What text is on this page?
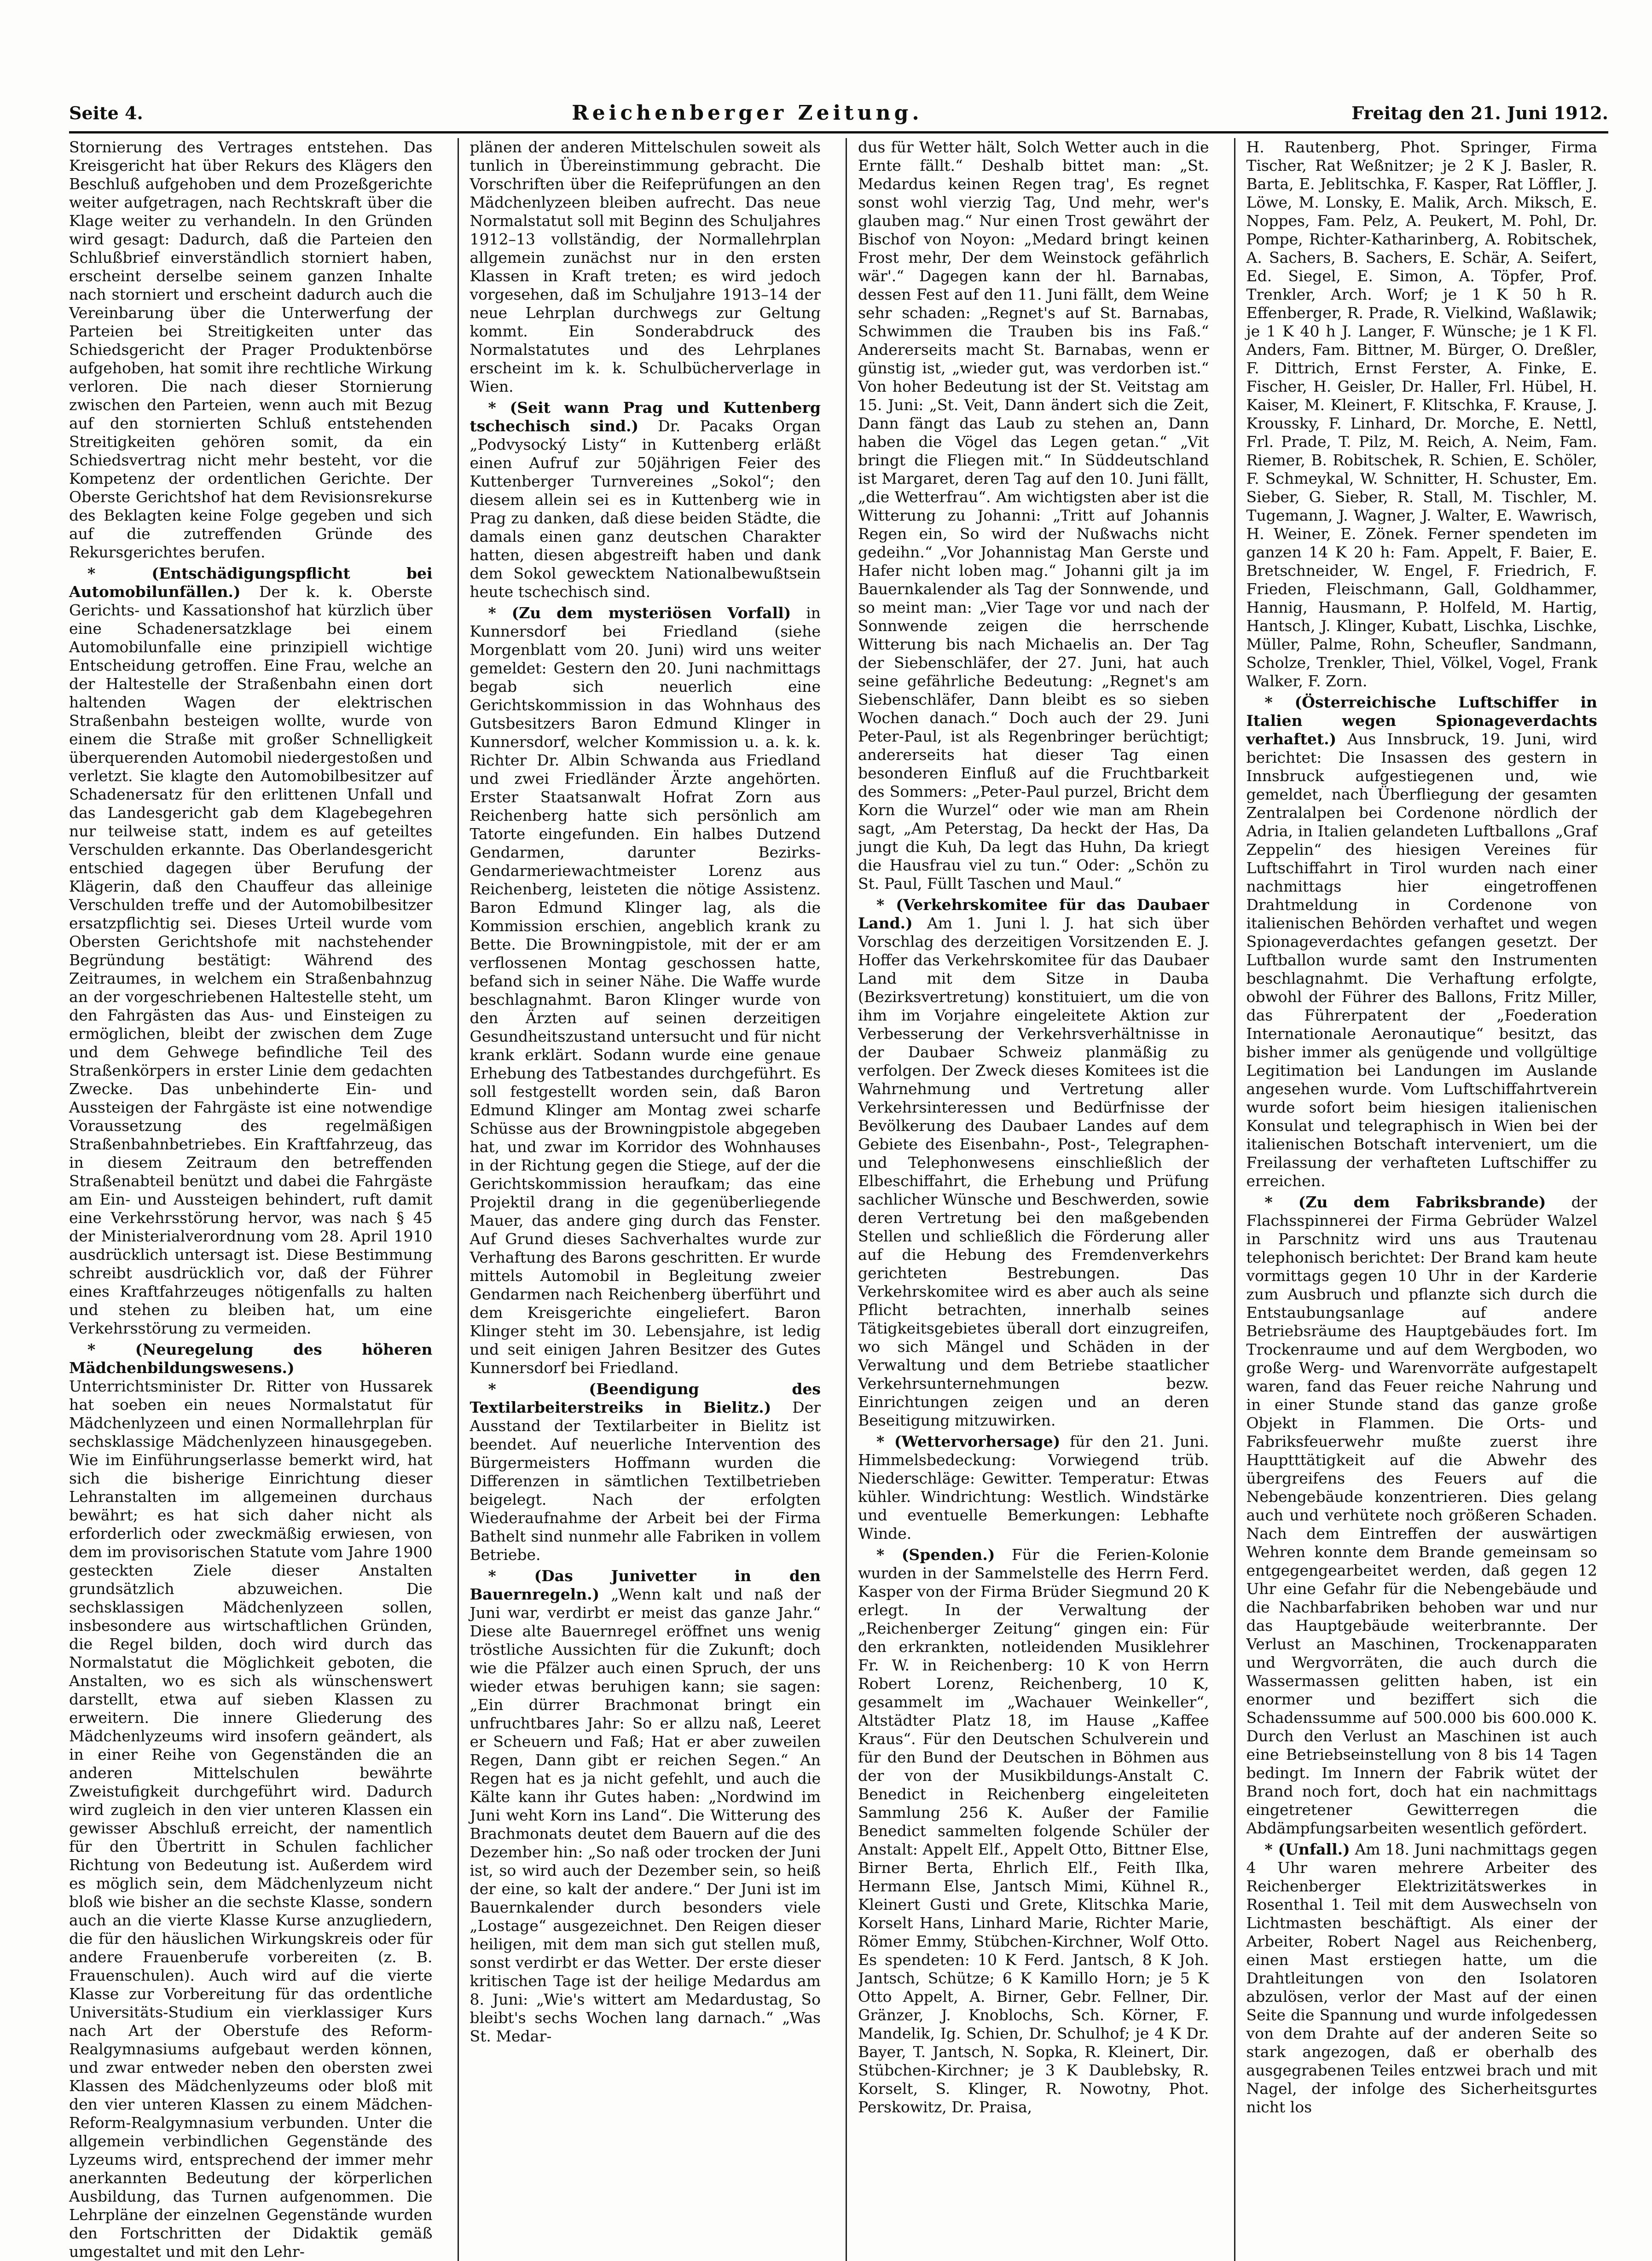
Seite 4.	Reichenberger Zeitung.	Freitag den 21. Juni 1912.

Stornierung des Vertrages entstehen. Das Kreisgericht hat über Rekurs des Klägers den Beschluß aufgehoben und dem Prozeßgerichte weiter aufgetragen, nach Rechtskraft über die Klage weiter zu verhandeln. In den Gründen wird gesagt: Dadurch, daß die Parteien den Schlußbrief einverständlich storniert haben, erscheint derselbe seinem ganzen Inhalte nach storniert und erscheint dadurch auch die Vereinbarung über die Unterwerfung der Parteien bei Streitigkeiten unter das Schiedsgericht der Prager Produktenbörse aufgehoben, hat somit ihre rechtliche Wirkung verloren. Die nach dieser Stornierung zwischen den Parteien, wenn auch mit Bezug auf den stornierten Schluß entstehenden Streitigkeiten gehören somit, da ein Schiedsvertrag nicht mehr besteht, vor die Kompetenz der ordentlichen Gerichte. Der Oberste Gerichtshof hat dem Revisionsrekurse des Beklagten keine Folge gegeben und sich auf die zutreffenden Gründe des Rekursgerichtes berufen.

* (Entschädigungspflicht bei Automobilunfällen.) Der k. k. Oberste Gerichts- und Kassationshof hat kürzlich über eine Schadenersatzklage bei einem Automobilunfalle eine prinzipiell wichtige Entscheidung getroffen. Eine Frau, welche an der Haltestelle der Straßenbahn einen dort haltenden Wagen der elektrischen Straßenbahn besteigen wollte, wurde von einem die Straße mit großer Schnelligkeit überquerenden Automobil niedergestoßen und verletzt. Sie klagte den Automobilbesitzer auf Schadenersatz für den erlittenen Unfall und das Landesgericht gab dem Klagebegehren nur teilweise statt, indem es auf geteiltes Verschulden erkannte. Das Oberlandesgericht entschied dagegen über Berufung der Klägerin, daß den Chauffeur das alleinige Verschulden treffe und der Automobilbesitzer ersatzpflichtig sei. Dieses Urteil wurde vom Obersten Gerichtshofe mit nachstehender Begründung bestätigt: Während des Zeitraumes, in welchem ein Straßenbahnzug an der vorgeschriebenen Haltestelle steht, um den Fahrgästen das Aus- und Einsteigen zu ermöglichen, bleibt der zwischen dem Zuge und dem Gehwege befindliche Teil des Straßenkörpers in erster Linie dem gedachten Zwecke. Das unbehinderte Ein- und Aussteigen der Fahrgäste ist eine notwendige Voraussetzung des regelmäßigen Straßenbahnbetriebes. Ein Kraftfahrzeug, das in diesem Zeitraum den betreffenden Straßenabteil benützt und dabei die Fahrgäste am Ein- und Aussteigen behindert, ruft damit eine Verkehrsstörung hervor, was nach § 45 der Ministerialverordnung vom 28. April 1910 ausdrücklich untersagt ist. Diese Bestimmung schreibt ausdrücklich vor, daß der Führer eines Kraftfahrzeuges nötigenfalls zu halten und stehen zu bleiben hat, um eine Verkehrsstörung zu vermeiden.

* (Neuregelung des höheren Mädchenbildungswesens.) Unterrichtsminister Dr. Ritter von Hussarek hat soeben ein neues Normalstatut für Mädchenlyzeen und einen Normallehrplan für sechsklassige Mädchenlyzeen hinausgegeben. Wie im Einführungserlasse bemerkt wird, hat sich die bisherige Einrichtung dieser Lehranstalten im allgemeinen durchaus bewährt; es hat sich daher nicht als erforderlich oder zweckmäßig erwiesen, von dem im provisorischen Statute vom Jahre 1900 gesteckten Ziele dieser Anstalten grundsätzlich abzuweichen. Die sechsklassigen Mädchenlyzeen sollen, insbesondere aus wirtschaftlichen Gründen, die Regel bilden, doch wird durch das Normalstatut die Möglichkeit geboten, die Anstalten, wo es sich als wünschenswert darstellt, etwa auf sieben Klassen zu erweitern. Die innere Gliederung des Mädchenlyzeums wird insofern geändert, als in einer Reihe von Gegenständen die an anderen Mittelschulen bewährte Zweistufigkeit durchgeführt wird. Dadurch wird zugleich in den vier unteren Klassen ein gewisser Abschluß erreicht, der namentlich für den Übertritt in Schulen fachlicher Richtung von Bedeutung ist. Außerdem wird es möglich sein, dem Mädchenlyzeum nicht bloß wie bisher an die sechste Klasse, sondern auch an die vierte Klasse Kurse anzugliedern, die für den häuslichen Wirkungskreis oder für andere Frauenberufe vorbereiten (z. B. Frauenschulen). Auch wird auf die vierte Klasse zur Vorbereitung für das ordentliche Universitäts-Studium ein vierklassiger Kurs nach Art der Oberstufe des Reform-Realgymnasiums aufgebaut werden können, und zwar entweder neben den obersten zwei Klassen des Mädchenlyzeums oder bloß mit den vier unteren Klassen zu einem Mädchen-Reform-Realgymnasium verbunden. Unter die allgemein verbindlichen Gegenstände des Lyzeums wird, entsprechend der immer mehr anerkannten Bedeutung der körperlichen Ausbildung, das Turnen aufgenommen. Die Lehrpläne der einzelnen Gegenstände wurden den Fortschritten der Didaktik gemäß umgestaltet und mit den Lehr-

plänen der anderen Mittelschulen soweit als tunlich in Übereinstimmung gebracht. Die Vorschriften über die Reifeprüfungen an den Mädchenlyzeen bleiben aufrecht. Das neue Normalstatut soll mit Beginn des Schuljahres 1912–13 vollständig, der Normallehrplan allgemein zunächst nur in den ersten Klassen in Kraft treten; es wird jedoch vorgesehen, daß im Schuljahre 1913–14 der neue Lehrplan durchwegs zur Geltung kommt. Ein Sonderabdruck des Normalstatutes und des Lehrplanes erscheint im k. k. Schulbücherverlage in Wien.

* (Seit wann Prag und Kuttenberg tschechisch sind.) Dr. Pacaks Organ „Podvysocký Listy“ in Kuttenberg erläßt einen Aufruf zur 50jährigen Feier des Kuttenberger Turnvereines „Sokol“; den diesem allein sei es in Kuttenberg wie in Prag zu danken, daß diese beiden Städte, die damals einen ganz deutschen Charakter hatten, diesen abgestreift haben und dank dem Sokol gewecktem Nationalbewußtsein heute tschechisch sind.

* (Zu dem mysteriösen Vorfall) in Kunnersdorf bei Friedland (siehe Morgenblatt vom 20. Juni) wird uns weiter gemeldet: Gestern den 20. Juni nachmittags begab sich neuerlich eine Gerichtskommission in das Wohnhaus des Gutsbesitzers Baron Edmund Klinger in Kunnersdorf, welcher Kommission u. a. k. k. Richter Dr. Albin Schwanda aus Friedland und zwei Friedländer Ärzte angehörten. Erster Staatsanwalt Hofrat Zorn aus Reichenberg hatte sich persönlich am Tatorte eingefunden. Ein halbes Dutzend Gendarmen, darunter Bezirks-Gendarmeriewachtmeister Lorenz aus Reichenberg, leisteten die nötige Assistenz. Baron Edmund Klinger lag, als die Kommission erschien, angeblich krank zu Bette. Die Browningpistole, mit der er am verflossenen Montag geschossen hatte, befand sich in seiner Nähe. Die Waffe wurde beschlagnahmt. Baron Klinger wurde von den Ärzten auf seinen derzeitigen Gesundheitszustand untersucht und für nicht krank erklärt. Sodann wurde eine genaue Erhebung des Tatbestandes durchgeführt. Es soll festgestellt worden sein, daß Baron Edmund Klinger am Montag zwei scharfe Schüsse aus der Browningpistole abgegeben hat, und zwar im Korridor des Wohnhauses in der Richtung gegen die Stiege, auf der die Gerichtskommission heraufkam; das eine Projektil drang in die gegenüberliegende Mauer, das andere ging durch das Fenster. Auf Grund dieses Sachverhaltes wurde zur Verhaftung des Barons geschritten. Er wurde mittels Automobil in Begleitung zweier Gendarmen nach Reichenberg überführt und dem Kreisgerichte eingeliefert. Baron Klinger steht im 30. Lebensjahre, ist ledig und seit einigen Jahren Besitzer des Gutes Kunnersdorf bei Friedland.

* (Beendigung des Textilarbeiterstreiks in Bielitz.) Der Ausstand der Textilarbeiter in Bielitz ist beendet. Auf neuerliche Intervention des Bürgermeisters Hoffmann wurden die Differenzen in sämtlichen Textilbetrieben beigelegt. Nach der erfolgten Wiederaufnahme der Arbeit bei der Firma Bathelt sind nunmehr alle Fabriken in vollem Betriebe.

* (Das Junivetter in den Bauernregeln.) „Wenn kalt und naß der Juni war, verdirbt er meist das ganze Jahr.“ Diese alte Bauernregel eröffnet uns wenig tröstliche Aussichten für die Zukunft; doch wie die Pfälzer auch einen Spruch, der uns wieder etwas beruhigen kann; sie sagen: „Ein dürrer Brachmonat bringt ein unfruchtbares Jahr: So er allzu naß, Leeret er Scheuern und Faß; Hat er aber zuweilen Regen, Dann gibt er reichen Segen.“ An Regen hat es ja nicht gefehlt, und auch die Kälte kann ihr Gutes haben: „Nordwind im Juni weht Korn ins Land“. Die Witterung des Brachmonats deutet dem Bauern auf die des Dezember hin: „So naß oder trocken der Juni ist, so wird auch der Dezember sein, so heiß der eine, so kalt der andere.“ Der Juni ist im Bauernkalender durch besonders viele „Lostage“ ausgezeichnet. Den Reigen dieser heiligen, mit dem man sich gut stellen muß, sonst verdirbt er das Wetter. Der erste dieser kritischen Tage ist der heilige Medardus am 8. Juni: „Wie's wittert am Medardustag, So bleibt's sechs Wochen lang darnach.“ „Was St. Medar-

dus für Wetter hält, Solch Wetter auch in die Ernte fällt.“ Deshalb bittet man: „St. Medardus keinen Regen trag', Es regnet sonst wohl vierzig Tag, Und mehr, wer's glauben mag.“ Nur einen Trost gewährt der Bischof von Noyon: „Medard bringt keinen Frost mehr, Der dem Weinstock gefährlich wär'.“ Dagegen kann der hl. Barnabas, dessen Fest auf den 11. Juni fällt, dem Weine sehr schaden: „Regnet's auf St. Barnabas, Schwimmen die Trauben bis ins Faß.“ Andererseits macht St. Barnabas, wenn er günstig ist, „wieder gut, was verdorben ist.“ Von hoher Bedeutung ist der St. Veitstag am 15. Juni: „St. Veit, Dann ändert sich die Zeit, Dann fängt das Laub zu stehen an, Dann haben die Vögel das Legen getan.“ „Vit bringt die Fliegen mit.“ In Süddeutschland ist Margaret, deren Tag auf den 10. Juni fällt, „die Wetterfrau“. Am wichtigsten aber ist die Witterung zu Johanni: „Tritt auf Johannis Regen ein, So wird der Nußwachs nicht gedeihn.“ „Vor Johannistag Man Gerste und Hafer nicht loben mag.“ Johanni gilt ja im Bauernkalender als Tag der Sonnwende, und so meint man: „Vier Tage vor und nach der Sonnwende zeigen die herrschende Witterung bis nach Michaelis an. Der Tag der Siebenschläfer, der 27. Juni, hat auch seine gefährliche Bedeutung: „Regnet's am Siebenschläfer, Dann bleibt es so sieben Wochen danach.“ Doch auch der 29. Juni Peter-Paul, ist als Regenbringer berüchtigt; andererseits hat dieser Tag einen besonderen Einfluß auf die Fruchtbarkeit des Sommers: „Peter-Paul purzel, Bricht dem Korn die Wurzel“ oder wie man am Rhein sagt, „Am Peterstag, Da heckt der Has, Da jungt die Kuh, Da legt das Huhn, Da kriegt die Hausfrau viel zu tun.“ Oder: „Schön zu St. Paul, Füllt Taschen und Maul.“

* (Verkehrskomitee für das Daubaer Land.) Am 1. Juni l. J. hat sich über Vorschlag des derzeitigen Vorsitzenden E. J. Hoffer das Verkehrskomitee für das Daubaer Land mit dem Sitze in Dauba (Bezirksvertretung) konstituiert, um die von ihm im Vorjahre eingeleitete Aktion zur Verbesserung der Verkehrsverhältnisse in der Daubaer Schweiz planmäßig zu verfolgen. Der Zweck dieses Komitees ist die Wahrnehmung und Vertretung aller Verkehrsinteressen und Bedürfnisse der Bevölkerung des Daubaer Landes auf dem Gebiete des Eisenbahn-, Post-, Telegraphen- und Telephonwesens einschließlich der Elbeschiffahrt, die Erhebung und Prüfung sachlicher Wünsche und Beschwerden, sowie deren Vertretung bei den maßgebenden Stellen und schließlich die Förderung aller auf die Hebung des Fremdenverkehrs gerichteten Bestrebungen. Das Verkehrskomitee wird es aber auch als seine Pflicht betrachten, innerhalb seines Tätigkeitsgebietes überall dort einzugreifen, wo sich Mängel und Schäden in der Verwaltung und dem Betriebe staatlicher Verkehrsunternehmungen bezw. Einrichtungen zeigen und an deren Beseitigung mitzuwirken.

* (Wettervorhersage) für den 21. Juni. Himmelsbedeckung: Vorwiegend trüb. Niederschläge: Gewitter. Temperatur: Etwas kühler. Windrichtung: Westlich. Windstärke und eventuelle Bemerkungen: Lebhafte Winde.

* (Spenden.) Für die Ferien-Kolonie wurden in der Sammelstelle des Herrn Ferd. Kasper von der Firma Brüder Siegmund 20 K erlegt. In der Verwaltung der „Reichenberger Zeitung“ gingen ein: Für den erkrankten, notleidenden Musiklehrer Fr. W. in Reichenberg: 10 K von Herrn Robert Lorenz, Reichenberg, 10 K, gesammelt im „Wachauer Weinkeller“, Altstädter Platz 18, im Hause „Kaffee Kraus“. Für den Deutschen Schulverein und für den Bund der Deutschen in Böhmen aus der von der Musikbildungs-Anstalt C. Benedict in Reichenberg eingeleiteten Sammlung 256 K. Außer der Familie Benedict sammelten folgende Schüler der Anstalt: Appelt Elf., Appelt Otto, Bittner Else, Birner Berta, Ehrlich Elf., Feith Ilka, Hermann Else, Jantsch Mimi, Kühnel R., Kleinert Gusti und Grete, Klitschka Marie, Korselt Hans, Linhard Marie, Richter Marie, Römer Emmy, Stübchen-Kirchner, Wolf Otto. Es spendeten: 10 K Ferd. Jantsch, 8 K Joh. Jantsch, Schütze; 6 K Kamillo Horn; je 5 K Otto Appelt, A. Birner, Gebr. Fellner, Dir. Gränzer, J. Knoblochs, Sch. Körner, F. Mandelik, Ig. Schien, Dr. Schulhof; je 4 K Dr. Bayer, T. Jantsch, N. Sopka, R. Kleinert, Dir. Stübchen-Kirchner; je 3 K Daublebsky, R. Korselt, S. Klinger, R. Nowotny, Phot. Perskowitz, Dr. Praisa,

H. Rautenberg, Phot. Springer, Firma Tischer, Rat Weßnitzer; je 2 K J. Basler, R. Barta, E. Jeblitschka, F. Kasper, Rat Löffler, J. Löwe, M. Lonsky, E. Malik, Arch. Miksch, E. Noppes, Fam. Pelz, A. Peukert, M. Pohl, Dr. Pompe, Richter-Katharinberg, A. Robitschek, A. Sachers, B. Sachers, E. Schär, A. Seifert, Ed. Siegel, E. Simon, A. Töpfer, Prof. Trenkler, Arch. Worf; je 1 K 50 h R. Effenberger, R. Prade, R. Vielkind, Waßlawik; je 1 K 40 h J. Langer, F. Wünsche; je 1 K Fl. Anders, Fam. Bittner, M. Bürger, O. Dreßler, F. Dittrich, Ernst Ferster, A. Finke, E. Fischer, H. Geisler, Dr. Haller, Frl. Hübel, H. Kaiser, M. Kleinert, F. Klitschka, F. Krause, J. Kroussky, F. Linhard, Dr. Morche, E. Nettl, Frl. Prade, T. Pilz, M. Reich, A. Neim, Fam. Riemer, B. Robitschek, R. Schien, E. Schöler, F. Schmeykal, W. Schnitter, H. Schuster, Em. Sieber, G. Sieber, R. Stall, M. Tischler, M. Tugemann, J. Wagner, J. Walter, E. Wawrisch, H. Weiner, E. Zönek. Ferner spendeten im ganzen 14 K 20 h: Fam. Appelt, F. Baier, E. Bretschneider, W. Engel, F. Friedrich, F. Frieden, Fleischmann, Gall, Goldhammer, Hannig, Hausmann, P. Holfeld, M. Hartig, Hantsch, J. Klinger, Kubatt, Lischka, Lischke, Müller, Palme, Rohn, Scheufler, Sandmann, Scholze, Trenkler, Thiel, Völkel, Vogel, Frank Walker, F. Zorn.

* (Österreichische Luftschiffer in Italien wegen Spionageverdachts verhaftet.) Aus Innsbruck, 19. Juni, wird berichtet: Die Insassen des gestern in Innsbruck aufgestiegenen und, wie gemeldet, nach Überfliegung der gesamten Zentralalpen bei Cordenone nördlich der Adria, in Italien gelandeten Luftballons „Graf Zeppelin“ des hiesigen Vereines für Luftschiffahrt in Tirol wurden nach einer nachmittags hier eingetroffenen Drahtmeldung in Cordenone von italienischen Behörden verhaftet und wegen Spionageverdachtes gefangen gesetzt. Der Luftballon wurde samt den Instrumenten beschlagnahmt. Die Verhaftung erfolgte, obwohl der Führer des Ballons, Fritz Miller, das Führerpatent der „Foederation Internationale Aeronautique“ besitzt, das bisher immer als genügende und vollgültige Legitimation bei Landungen im Auslande angesehen wurde. Vom Luftschiffahrtverein wurde sofort beim hiesigen italienischen Konsulat und telegraphisch in Wien bei der italienischen Botschaft interveniert, um die Freilassung der verhafteten Luftschiffer zu erreichen.

* (Zu dem Fabriksbrande) der Flachsspinnerei der Firma Gebrüder Walzel in Parschnitz wird uns aus Trautenau telephonisch berichtet: Der Brand kam heute vormittags gegen 10 Uhr in der Karderie zum Ausbruch und pflanzte sich durch die Entstaubungsanlage auf andere Betriebsräume des Hauptgebäudes fort. Im Trockenraume und auf dem Wergboden, wo große Werg- und Warenvorräte aufgestapelt waren, fand das Feuer reiche Nahrung und in einer Stunde stand das ganze große Objekt in Flammen. Die Orts- und Fabriksfeuerwehr mußte zuerst ihre Hauptttätigkeit auf die Abwehr des übergreifens des Feuers auf die Nebengebäude konzentrieren. Dies gelang auch und verhütete noch größeren Schaden. Nach dem Eintreffen der auswärtigen Wehren konnte dem Brande gemeinsam so entgegengearbeitet werden, daß gegen 12 Uhr eine Gefahr für die Nebengebäude und die Nachbarfabriken behoben war und nur das Hauptgebäude weiterbrannte. Der Verlust an Maschinen, Trockenapparaten und Wergvorräten, die auch durch die Wassermassen gelitten haben, ist ein enormer und beziffert sich die Schadenssumme auf 500.000 bis 600.000 K. Durch den Verlust an Maschinen ist auch eine Betriebseinstellung von 8 bis 14 Tagen bedingt. Im Innern der Fabrik wütet der Brand noch fort, doch hat ein nachmittags eingetretener Gewitterregen die Abdämpfungsarbeiten wesentlich gefördert.

* (Unfall.) Am 18. Juni nachmittags gegen 4 Uhr waren mehrere Arbeiter des Reichenberger Elektrizitätswerkes in Rosenthal 1. Teil mit dem Auswechseln von Lichtmasten beschäftigt. Als einer der Arbeiter, Robert Nagel aus Reichenberg, einen Mast erstiegen hatte, um die Drahtleitungen von den Isolatoren abzulösen, verlor der Mast auf der einen Seite die Spannung und wurde infolgedessen von dem Drahte auf der anderen Seite so stark angezogen, daß er oberhalb des ausgegrabenen Teiles entzwei brach und mit Nagel, der infolge des Sicherheitsgurtes nicht los
